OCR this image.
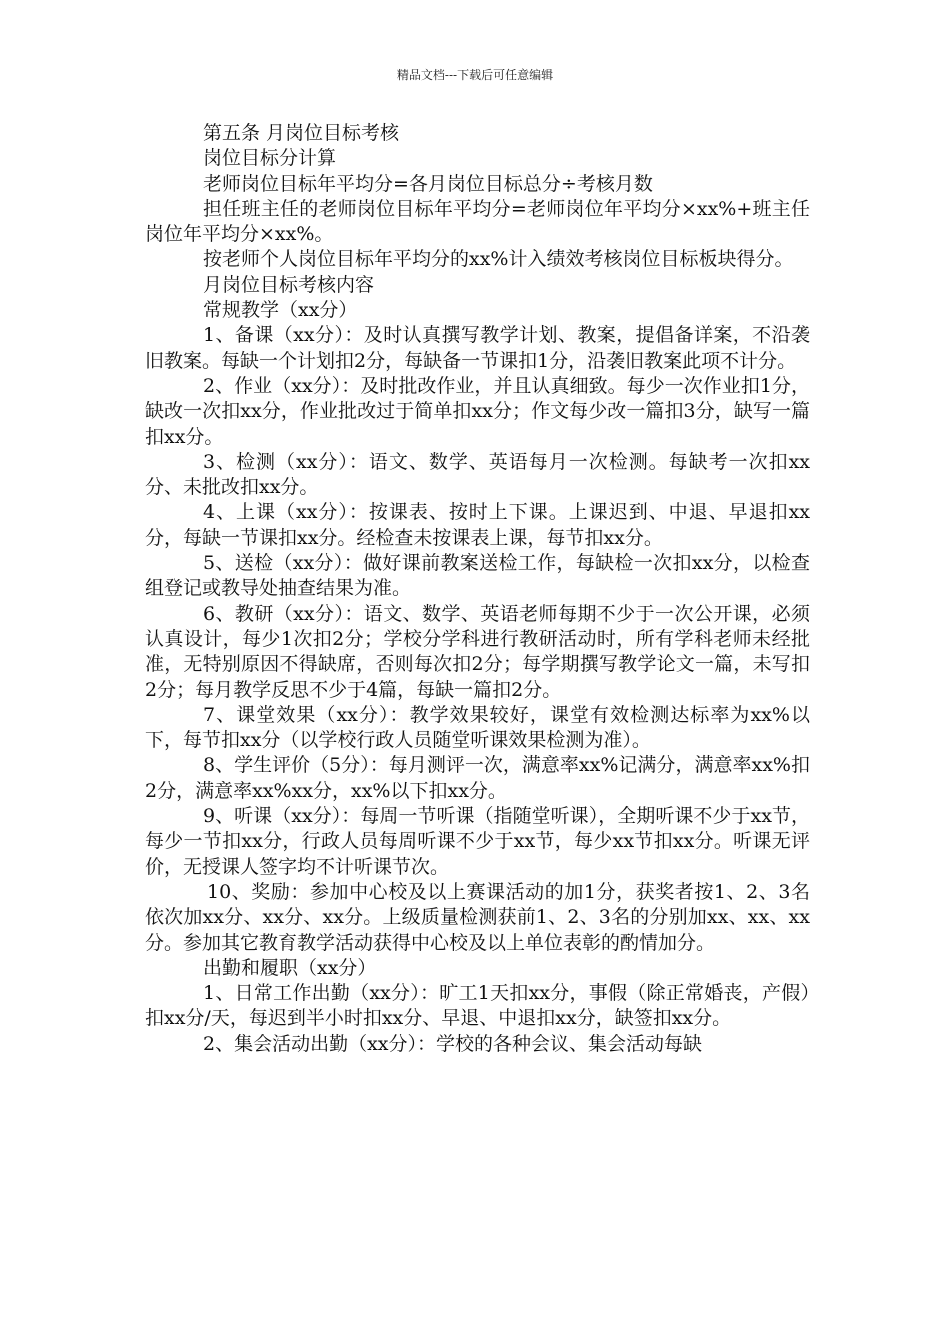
精品文档---下载后可任意编辑

第五条 月岗位目标考核

岗位目标分计算

老师岗位目标年平均分=各月岗位目标总分÷考核月数

担任班主任的老师岗位目标年平均分=老师岗位年平均分×xx%+班主任岗位年平均分×xx%。

按老师个人岗位目标年平均分的xx%计入绩效考核岗位目标板块得分。

月岗位目标考核内容

常规教学（xx分）

1、备课（xx分）：及时认真撰写教学计划、教案，提倡备详案，不沿袭旧教案。每缺一个计划扣2分，每缺备一节课扣1分，沿袭旧教案此项不计分。

2、作业（xx分）：及时批改作业，并且认真细致。每少一次作业扣1分，缺改一次扣xx分，作业批改过于简单扣xx分；作文每少改一篇扣3分，缺写一篇扣xx分。

3、检测（xx分）：语文、数学、英语每月一次检测。每缺考一次扣xx分、未批改扣xx分。

4、上课（xx分）：按课表、按时上下课。上课迟到、中退、早退扣xx分，每缺一节课扣xx分。经检查未按课表上课，每节扣xx分。

5、送检（xx分）：做好课前教案送检工作，每缺检一次扣xx分，以检查组登记或教导处抽查结果为准。

6、教研（xx分）：语文、数学、英语老师每期不少于一次公开课，必须认真设计，每少1次扣2分；学校分学科进行教研活动时，所有学科老师未经批准，无特别原因不得缺席，否则每次扣2分；每学期撰写教学论文一篇，未写扣2分；每月教学反思不少于4篇，每缺一篇扣2分。

7、课堂效果（xx分）：教学效果较好，课堂有效检测达标率为xx%以下，每节扣xx分（以学校行政人员随堂听课效果检测为准）。

8、学生评价（5分）：每月测评一次，满意率xx%记满分，满意率xx%扣2分，满意率xx%xx分，xx%以下扣xx分。

9、听课（xx分）：每周一节听课（指随堂听课），全期听课不少于xx节，每少一节扣xx分，行政人员每周听课不少于xx节，每少xx节扣xx分。听课无评价，无授课人签字均不计听课节次。

10、奖励：参加中心校及以上赛课活动的加1分，获奖者按1、2、3名依次加xx分、xx分、xx分。上级质量检测获前1、2、3名的分别加xx、xx、xx分。参加其它教育教学活动获得中心校及以上单位表彰的酌情加分。

出勤和履职（xx分）

1、日常工作出勤（xx分）：旷工1天扣xx分，事假（除正常婚丧，产假）扣xx分/天，每迟到半小时扣xx分、早退、中退扣xx分，缺签扣xx分。

2、集会活动出勤（xx分）：学校的各种会议、集会活动每缺
